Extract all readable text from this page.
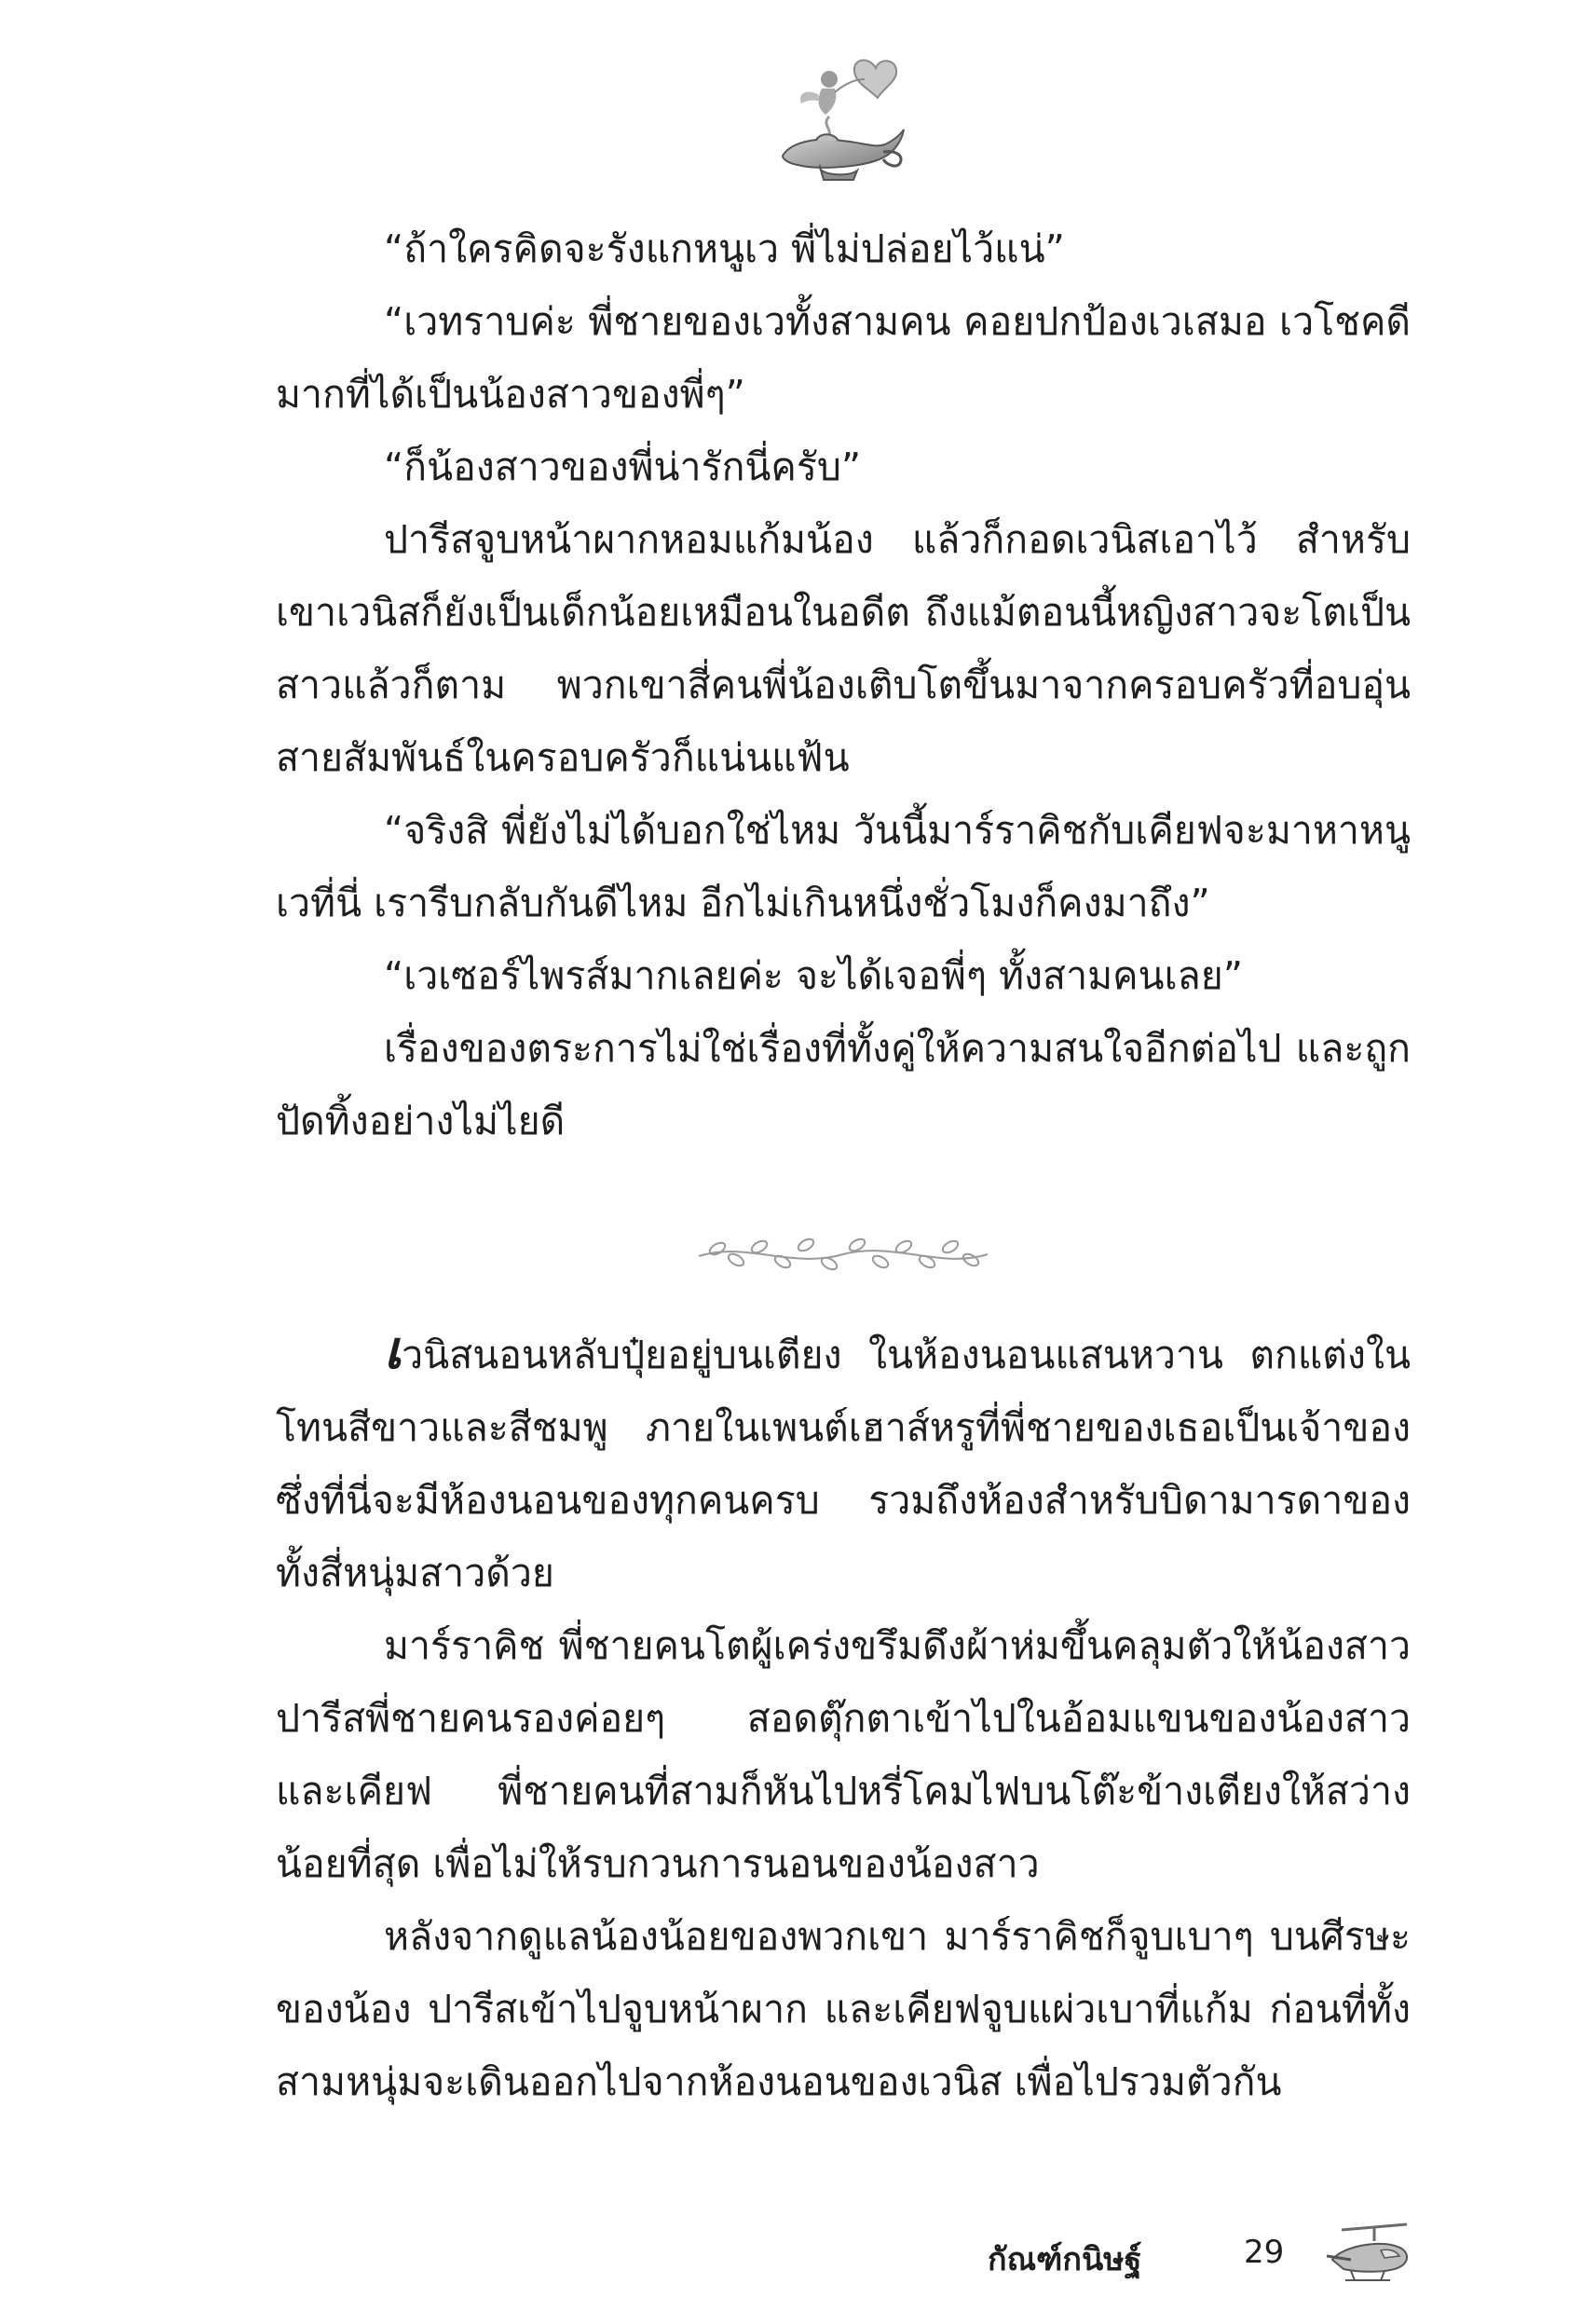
“ถ้าใครคิดจะรังแกหนูเว พี่ไม่ปล่อยไว้แน่”

“เวทราบค่ะ พี่ชายของเวทั้งสามคน คอยปกป้องเวเสมอ เวโชคดีมากที่ได้เป็นน้องสาวของพี่ๆ”

“ก็น้องสาวของพี่น่ารักนี่ครับ”

ปารีสจูบหน้าผากหอมแก้มน้อง แล้วก็กอดเวนิสเอาไว้ สำหรับเขาเวนิสก็ยังเป็นเด็กน้อยเหมือนในอดีต ถึงแม้ตอนนี้หญิงสาวจะโตเป็นสาวแล้วก็ตาม พวกเขาสี่คนพี่น้องเติบโตขึ้นมาจากครอบครัวที่อบอุ่นสายสัมพันธ์ในครอบครัวก็แน่นแฟ้น

“จริงสิ พี่ยังไม่ได้บอกใช่ไหม วันนี้มาร์ราคิชกับเคียฟจะมาหาหนูเวที่นี่ เรารีบกลับกันดีไหม อีกไม่เกินหนึ่งชั่วโมงก็คงมาถึง”

“เวเซอร์ไพรส์มากเลยค่ะ จะได้เจอพี่ๆ ทั้งสามคนเลย”

เรื่องของตระการไม่ใช่เรื่องที่ทั้งคู่ให้ความสนใจอีกต่อไป และถูกปัดทิ้งอย่างไม่ไยดี

เวนิสนอนหลับปุ๋ยอยู่บนเตียง ในห้องนอนแสนหวาน ตกแต่งในโทนสีขาวและสีชมพู ภายในเพนต์เฮาส์หรูที่พี่ชายของเธอเป็นเจ้าของ ซึ่งที่นี่จะมีห้องนอนของทุกคนครบ รวมถึงห้องสำหรับบิดามารดาของทั้งสี่หนุ่มสาวด้วย

มาร์ราคิช พี่ชายคนโตผู้เคร่งขรึมดึงผ้าห่มขึ้นคลุมตัวให้น้องสาว ปารีสพี่ชายคนรองค่อยๆ สอดตุ๊กตาเข้าไปในอ้อมแขนของน้องสาว และเคียฟ พี่ชายคนที่สามก็หันไปหรี่โคมไฟบนโต๊ะข้างเตียงให้สว่างน้อยที่สุด เพื่อไม่ให้รบกวนการนอนของน้องสาว

หลังจากดูแลน้องน้อยของพวกเขา มาร์ราคิชก็จูบเบาๆ บนศีรษะของน้อง ปารีสเข้าไปจูบหน้าผาก และเคียฟจูบแผ่วเบาที่แก้ม ก่อนที่ทั้งสามหนุ่มจะเดินออกไปจากห้องนอนของเวนิส เพื่อไปรวมตัวกัน

กัณฑ์กนิษฐ์	29
